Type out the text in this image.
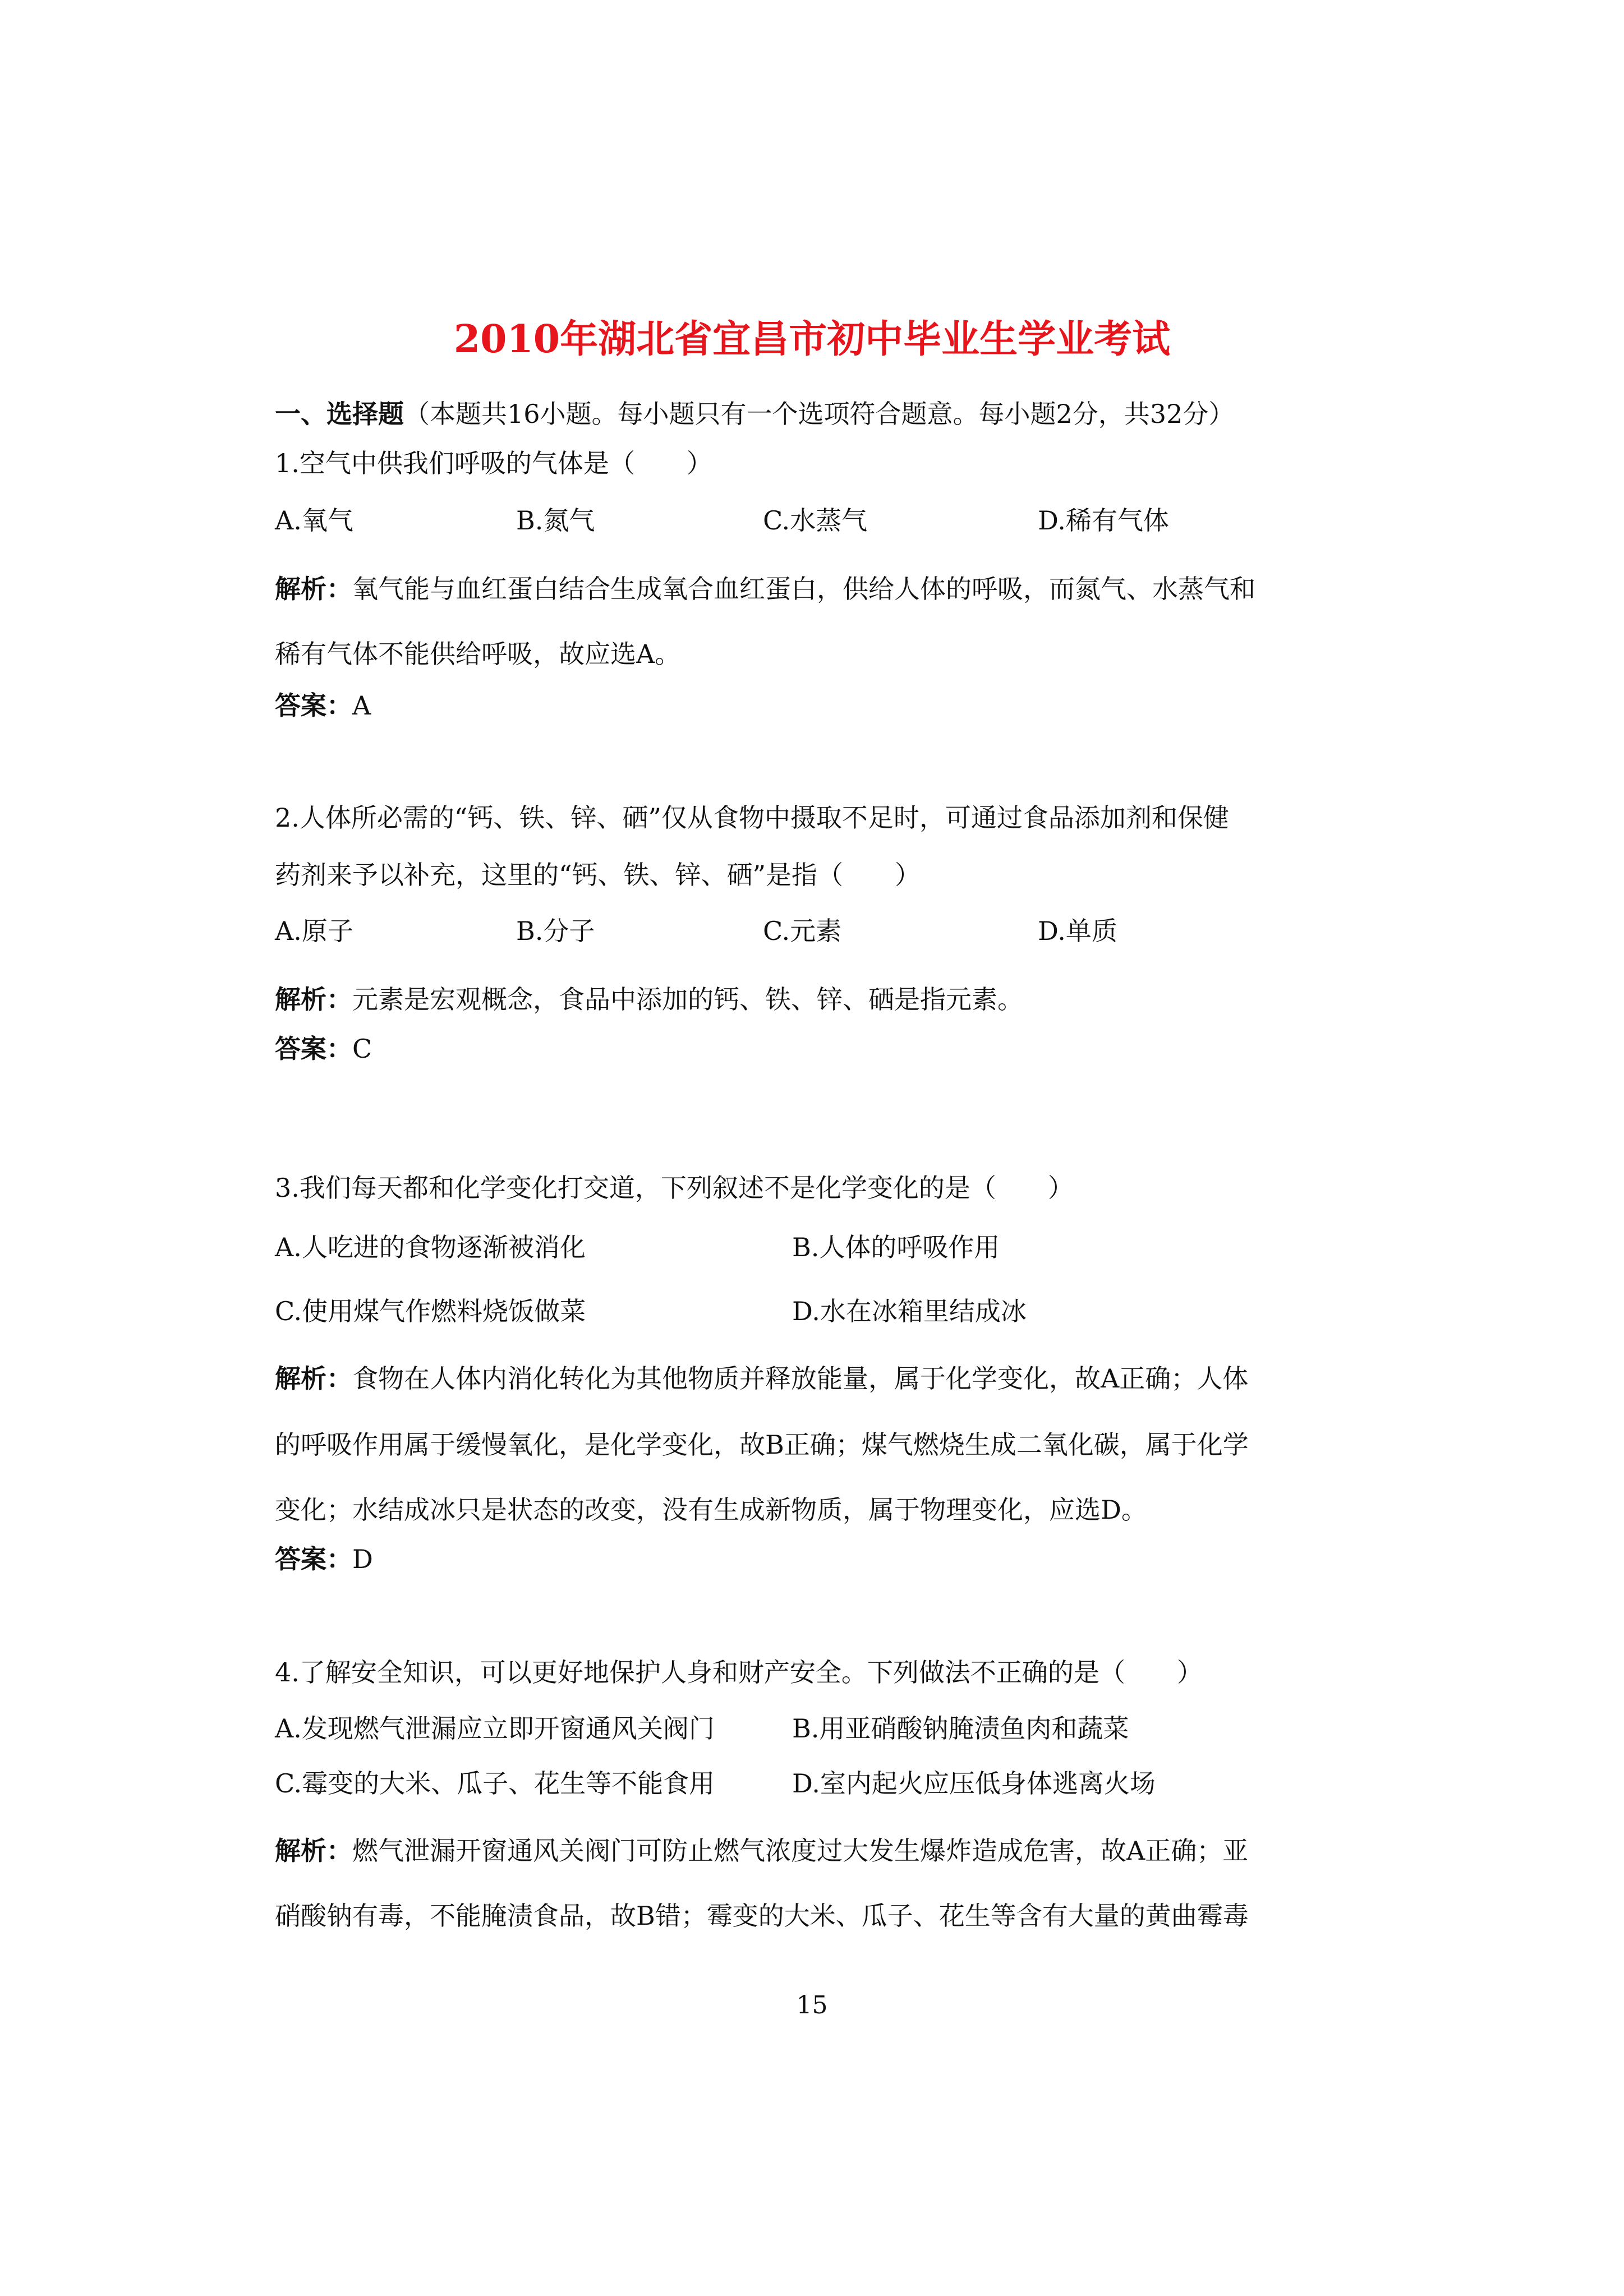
2010年湖北省宜昌市初中毕业生学业考试
一、选择题（本题共16小题。每小题只有一个选项符合题意。每小题2分，共32分）
1.空气中供我们呼吸的气体是（　　）
A.氧气	B.氮气	C.水蒸气	D.稀有气体
解析：氧气能与血红蛋白结合生成氧合血红蛋白，供给人体的呼吸，而氮气、水蒸气和
稀有气体不能供给呼吸，故应选A。
答案：A
2.人体所必需的“钙、铁、锌、硒”仅从食物中摄取不足时，可通过食品添加剂和保健
药剂来予以补充，这里的“钙、铁、锌、硒”是指（　　）
A.原子	B.分子	C.元素	D.单质
解析：元素是宏观概念，食品中添加的钙、铁、锌、硒是指元素。
答案：C
3.我们每天都和化学变化打交道，下列叙述不是化学变化的是（　　）
A.人吃进的食物逐渐被消化	B.人体的呼吸作用
C.使用煤气作燃料烧饭做菜	D.水在冰箱里结成冰
解析：食物在人体内消化转化为其他物质并释放能量，属于化学变化，故A正确；人体
的呼吸作用属于缓慢氧化，是化学变化，故B正确；煤气燃烧生成二氧化碳，属于化学
变化；水结成冰只是状态的改变，没有生成新物质，属于物理变化，应选D。
答案：D
4.了解安全知识，可以更好地保护人身和财产安全。下列做法不正确的是（　　）
A.发现燃气泄漏应立即开窗通风关阀门	B.用亚硝酸钠腌渍鱼肉和蔬菜
C.霉变的大米、瓜子、花生等不能食用	D.室内起火应压低身体逃离火场
解析：燃气泄漏开窗通风关阀门可防止燃气浓度过大发生爆炸造成危害，故A正确；亚
硝酸钠有毒，不能腌渍食品，故B错；霉变的大米、瓜子、花生等含有大量的黄曲霉毒
15
